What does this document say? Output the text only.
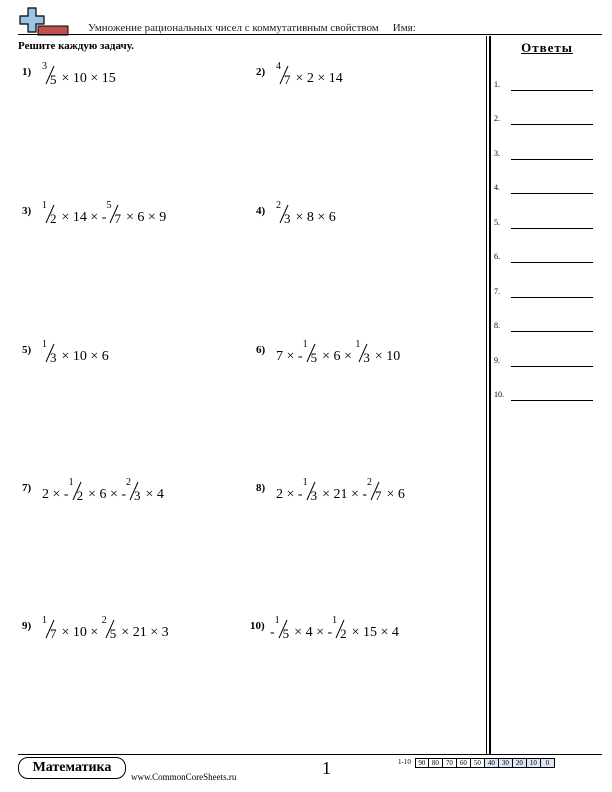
Умножение рациональных чисел с коммутативным свойством Имя:
Решите каждую задачу.
1) 3
5 × 10 × 15	2) 4
7 × 2 × 14
3) 1
2 × 14 × -
5
7 × 6 × 9	4) 2
3 × 8 × 6
5) 1
3 × 10 × 6	6) 7 × -
1
5 × 6 ×
1
3 × 10
7) 2 × -
1
2 × 6 × -
2
3 × 4	8) 2 × -
1
3 × 21 × -
2
7 × 6
9) 1
7 × 10 ×
2
5 × 21 × 3	10) -
1
5 × 4 × -
1
2 × 15 × 4
Ответы
1.
2.
3.
4.
5.
6.
7.
8.
9.
10.
Математика
www.CommonCoreSheets.ru	1	1-10	90 80	70	60	50	40	30	20	10	0
